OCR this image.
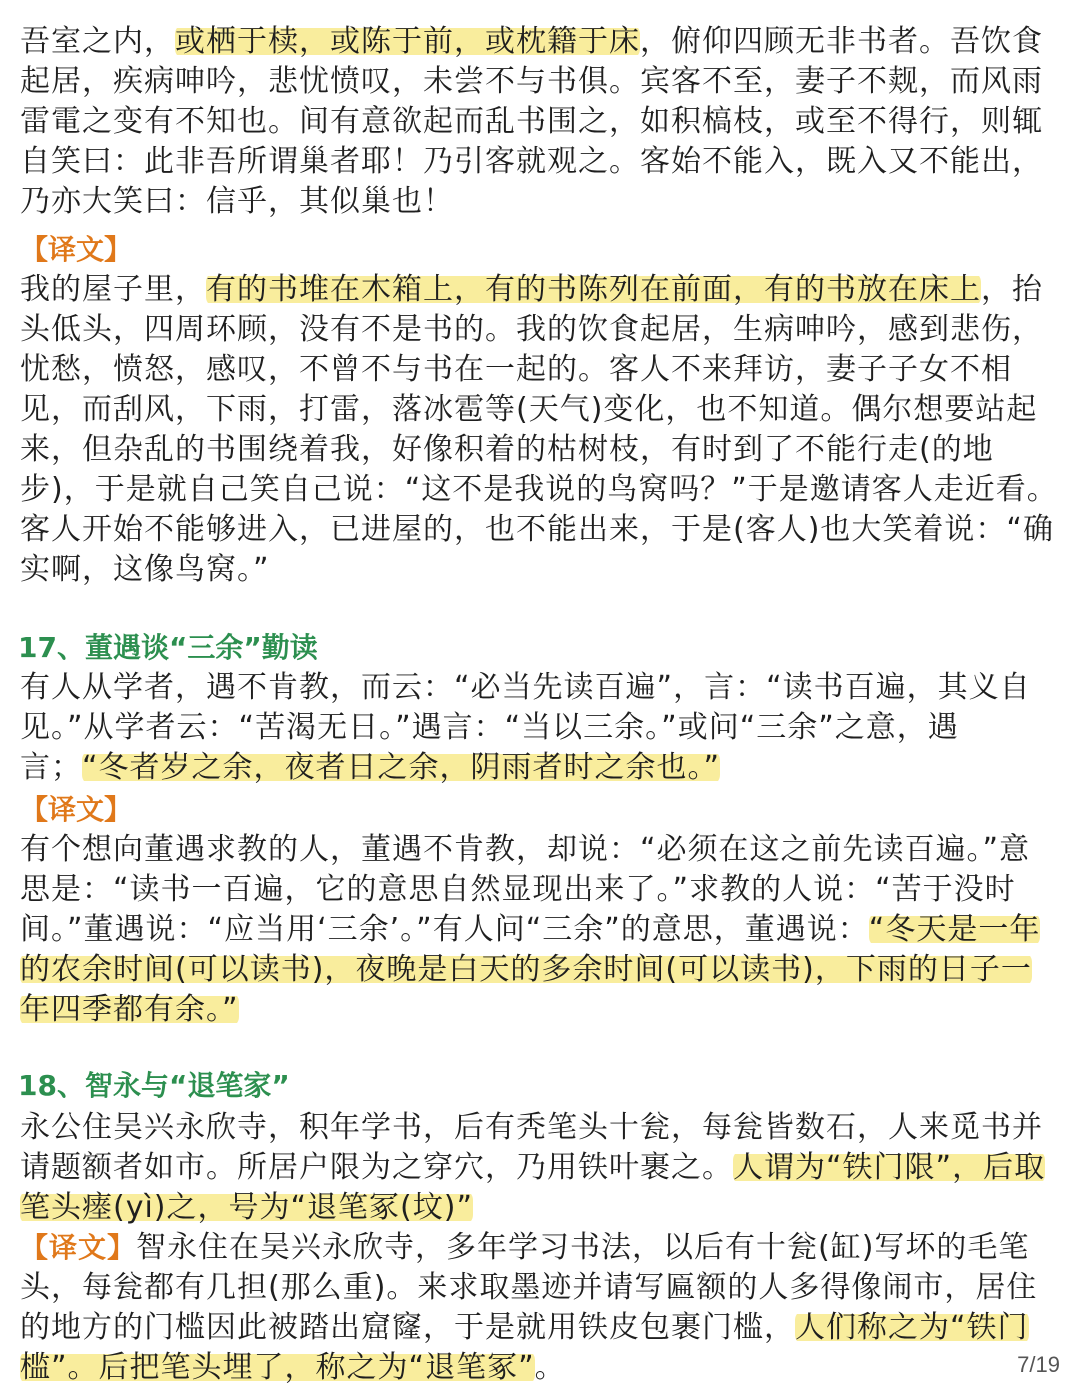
吾室之内，或栖于椟，或陈于前，或枕籍于床，俯仰四顾无非书者。吾饮食起居，疾病呻吟，悲忧愤叹，未尝不与书俱。宾客不至，妻子不觌，而风雨雷電之变有不知也。间有意欲起而乱书围之，如积槁枝，或至不得行，则辄自笑曰：此非吾所谓巢者耶！乃引客就观之。客始不能入，既入又不能出，乃亦大笑曰：信乎，其似巢也！
【译文】
我的屋子里，有的书堆在木箱上，有的书陈列在前面，有的书放在床上，抬头低头，四周环顾，没有不是书的。我的饮食起居，生病呻吟，感到悲伤，忧愁，愤怒，感叹，不曾不与书在一起的。客人不来拜访，妻子子女不相见，而刮风，下雨，打雷，落冰雹等(天气)变化，也不知道。偶尔想要站起来，但杂乱的书围绕着我，好像积着的枯树枝，有时到了不能行走(的地步)，于是就自己笑自己说：“这不是我说的鸟窝吗？”于是邀请客人走近看。客人开始不能够进入，已进屋的，也不能出来，于是(客人)也大笑着说：“确实啊，这像鸟窝。”
17、董遇谈“三余”勤读
有人从学者，遇不肯教，而云：“必当先读百遍”，言：“读书百遍，其义自见。”从学者云：“苦渴无日。”遇言：“当以三余。”或问“三余”之意，遇言；“冬者岁之余，夜者日之余，阴雨者时之余也。”
【译文】
有个想向董遇求教的人，董遇不肯教，却说：“必须在这之前先读百遍。”意思是：“读书一百遍，它的意思自然显现出来了。”求教的人说：“苦于没时间。”董遇说：“应当用‘三余’。”有人问“三余”的意思，董遇说：“冬天是一年的农余时间(可以读书)，夜晚是白天的多余时间(可以读书)，下雨的日子一年四季都有余。”
18、智永与“退笔家”
永公住吴兴永欣寺，积年学书，后有秃笔头十瓮，每瓮皆数石，人来觅书并请题额者如市。所居户限为之穿穴，乃用铁叶裹之。人谓为“铁门限”，后取笔头瘗(yì)之，号为“退笔冢(坟)”
【译文】智永住在吴兴永欣寺，多年学习书法，以后有十瓮(缸)写坏的毛笔头，每瓮都有几担(那么重)。来求取墨迹并请写匾额的人多得像闹市，居住的地方的门槛因此被踏出窟窿，于是就用铁皮包裹门槛，人们称之为“铁门槛”。后把笔头埋了，称之为“退笔冢”。	7/19
